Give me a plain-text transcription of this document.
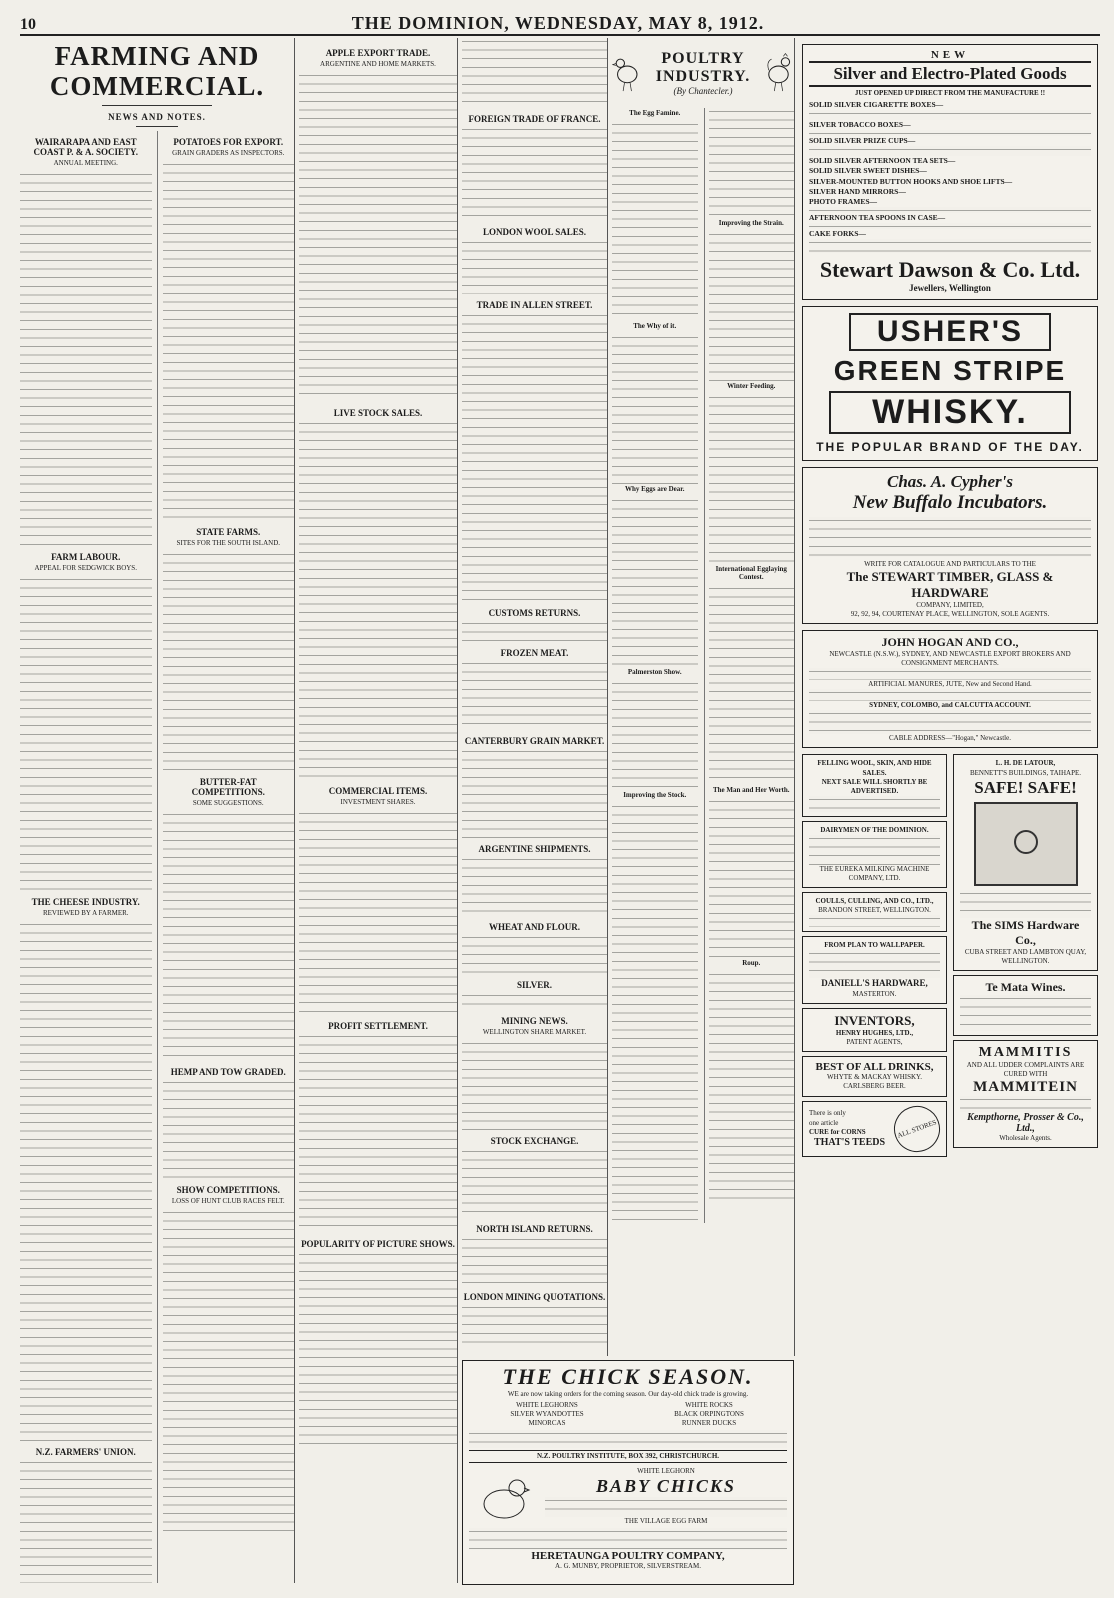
10	THE DOMINION, WEDNESDAY, MAY 8, 1912.
FARMING AND COMMERCIAL.
NEWS AND NOTES.
WAIRARAPA AND EAST COAST P. & A. SOCIETY.
ANNUAL MEETING.
FARM LABOUR.
APPEAL FOR SEDGWICK BOYS.
THE CHEESE INDUSTRY.
REVIEWED BY A FARMER.
N.Z. FARMERS' UNION.
POTATOES FOR EXPORT.
GRAIN GRADERS AS INSPECTORS.
STATE FARMS.
SITES FOR THE SOUTH ISLAND.
BUTTER-FAT COMPETITIONS.
SOME SUGGESTIONS.
HEMP AND TOW GRADED.
SHOW COMPETITIONS.
LOSS OF HUNT CLUB RACES FELT.
APPLE EXPORT TRADE.
ARGENTINE AND HOME MARKETS.
LIVE STOCK SALES.
COMMERCIAL ITEMS.
INVESTMENT SHARES.
PROFIT SETTLEMENT.
POPULARITY OF PICTURE SHOWS.
FOREIGN TRADE OF FRANCE.
LONDON WOOL SALES.
TRADE IN ALLEN STREET.
CUSTOMS RETURNS.
FROZEN MEAT.
CANTERBURY GRAIN MARKET.
ARGENTINE SHIPMENTS.
WHEAT AND FLOUR.
SILVER.
MINING NEWS.
WELLINGTON SHARE MARKET.
STOCK EXCHANGE.
NORTH ISLAND RETURNS.
LONDON MINING QUOTATIONS.
POULTRY INDUSTRY.
(By Chantecler.)
The Egg Famine.
The Why of it.
Why Eggs are Dear.
Palmerston Show.
Improving the Stock.
Improving the Strain.
Winter Feeding.
International Egglaying Contest.
The Man and Her Worth.
Roup.
THE CHICK SEASON.
WE are now taking orders for the coming season. Our day-old chick trade is growing.
WHITE LEGHORNS
SILVER WYANDOTTES
MINORCAS
WHITE ROCKS
BLACK ORPINGTONS
RUNNER DUCKS
N.Z. POULTRY INSTITUTE, BOX 392, CHRISTCHURCH.
WHITE LEGHORN
BABY CHICKS
THE VILLAGE EGG FARM
HERETAUNGA POULTRY COMPANY,
A. G. MUNBY, PROPRIETOR, SILVERSTREAM.
NEW
Silver and Electro-Plated Goods
JUST OPENED UP DIRECT FROM THE MANUFACTURE !!
SOLID SILVER CIGARETTE BOXES—
SILVER TOBACCO BOXES—
SOLID SILVER PRIZE CUPS—
SOLID SILVER AFTERNOON TEA SETS—
SOLID SILVER SWEET DISHES—
SILVER-MOUNTED BUTTON HOOKS AND SHOE LIFTS—
SILVER HAND MIRRORS—
PHOTO FRAMES—
AFTERNOON TEA SPOONS IN CASE—
CAKE FORKS—
Stewart Dawson & Co. Ltd.
Jewellers, Wellington
USHER'S
GREEN STRIPE
WHISKY.
THE POPULAR BRAND OF THE DAY.
Chas. A. Cypher's
New Buffalo Incubators.
WRITE FOR CATALOGUE AND PARTICULARS TO THE
The STEWART TIMBER, GLASS & HARDWARE
COMPANY, LIMITED,
92, 92, 94, COURTENAY PLACE, WELLINGTON, SOLE AGENTS.
JOHN HOGAN AND CO.,
NEWCASTLE (N.S.W.), SYDNEY, AND NEWCASTLE EXPORT BROKERS AND CONSIGNMENT MERCHANTS.
ARTIFICIAL MANURES, JUTE, New and Second Hand.
SYDNEY, COLOMBO, and CALCUTTA ACCOUNT.
CABLE ADDRESS—"Hogan," Newcastle.
FELLING WOOL, SKIN, AND HIDE SALES.
NEXT SALE WILL SHORTLY BE ADVERTISED.
DAIRYMEN OF THE DOMINION.
THE EUREKA MILKING MACHINE COMPANY, LTD.
COULLS, CULLING, AND CO., LTD.,
BRANDON STREET, WELLINGTON.
FROM PLAN TO WALLPAPER.
DANIELL'S HARDWARE,
MASTERTON.
INVENTORS,
HENRY HUGHES, LTD.,
PATENT AGENTS,
BEST OF ALL DRINKS,
WHYTE & MACKAY WHISKY.
CARLSBERG BEER.
There is only
one article
CURE for CORNS
THAT'S TEEDS
ALL STORES
L. H. DE LATOUR,
BENNETT'S BUILDINGS, TAIHAPE.
SAFE! SAFE!
The SIMS Hardware Co.,
CUBA STREET AND LAMBTON QUAY, WELLINGTON.
Te Mata Wines.
MAMMITIS
AND ALL UDDER COMPLAINTS ARE CURED WITH
MAMMITEIN
Kempthorne, Prosser & Co., Ltd.,
Wholesale Agents.
